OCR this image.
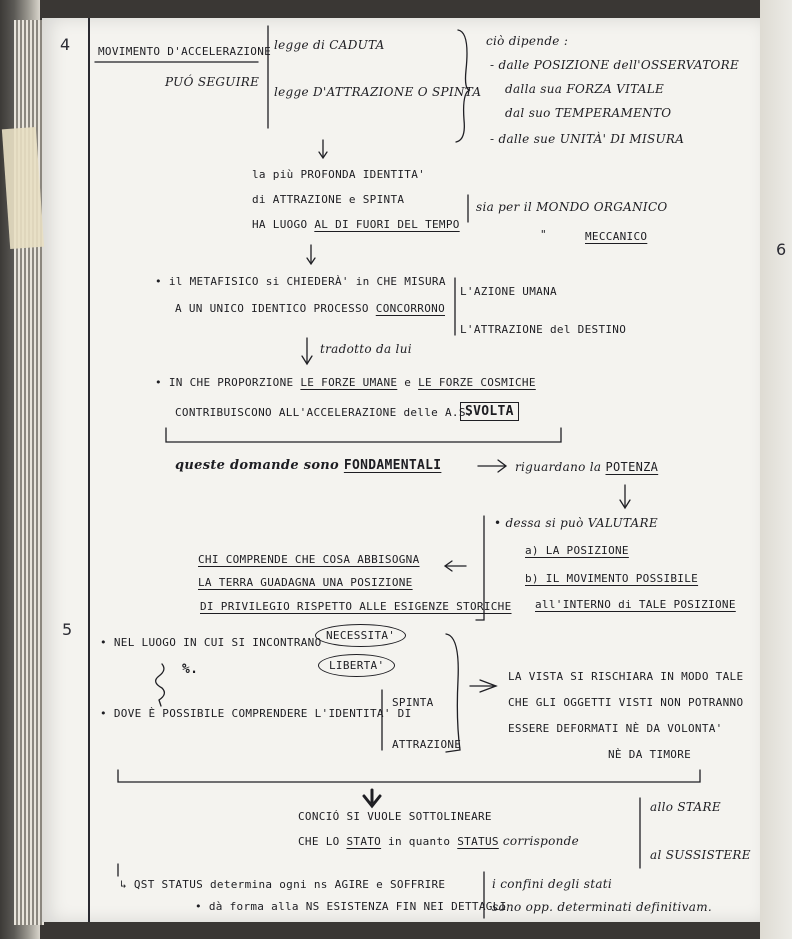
4
5
6
MOVIMENTO D'ACCELERAZIONE
PUÓ SEGUIRE
legge di CADUTA
legge D'ATTRAZIONE O SPINTA
ciò dipende :
- dalle POSIZIONE dell'OSSERVATORE
dalla sua FORZA VITALE
dal suo TEMPERAMENTO
- dalle sue UNITÀ' DI MISURA
la più PROFONDA IDENTITA'
di ATTRAZIONE e SPINTA
HA LUOGO AL DI FUORI DEL TEMPO
sia per il MONDO ORGANICO
"	MECCANICO
• il METAFISICO si CHIEDERÀ' in CHE MISURA
A UN UNICO IDENTICO PROCESSO CONCORRONO
L'AZIONE UMANA
L'ATTRAZIONE del DESTINO
tradotto da lui
• IN CHE PROPORZIONE LE FORZE UMANE e LE FORZE COSMICHE
CONTRIBUISCONO ALL'ACCELERAZIONE delle A.S.
SVOLTA
queste domande sono FONDAMENTALI	riguardano la POTENZA
• dessa si può VALUTARE
a) LA POSIZIONE
b) IL MOVIMENTO POSSIBILE
all'INTERNO di TALE POSIZIONE
CHI COMPRENDE CHE COSA ABBISOGNA
LA TERRA GUADAGNA UNA POSIZIONE
DI PRIVILEGIO RISPETTO ALLE ESIGENZE STORICHE
• NEL LUOGO IN CUI SI INCONTRANO
NECESSITA'
LIBERTA'
%.
• DOVE È POSSIBILE COMPRENDERE L'IDENTITA' DI
SPINTA
ATTRAZIONE
LA VISTA SI RISCHIARA IN MODO TALE
CHE GLI OGGETTI VISTI NON POTRANNO
ESSERE DEFORMATI NÈ DA VOLONTA'
NÈ DA TIMORE
CONCIÓ SI VUOLE SOTTOLINEARE
CHE LO STATO in quanto STATUS corrisponde
allo STARE
al SUSSISTERE
↳ QST STATUS determina ogni ns AGIRE e SOFFRIRE
• dà forma alla NS ESISTENZA FIN NEI DETTAGLI
i confini degli stati
sono opp. determinati definitivam.
